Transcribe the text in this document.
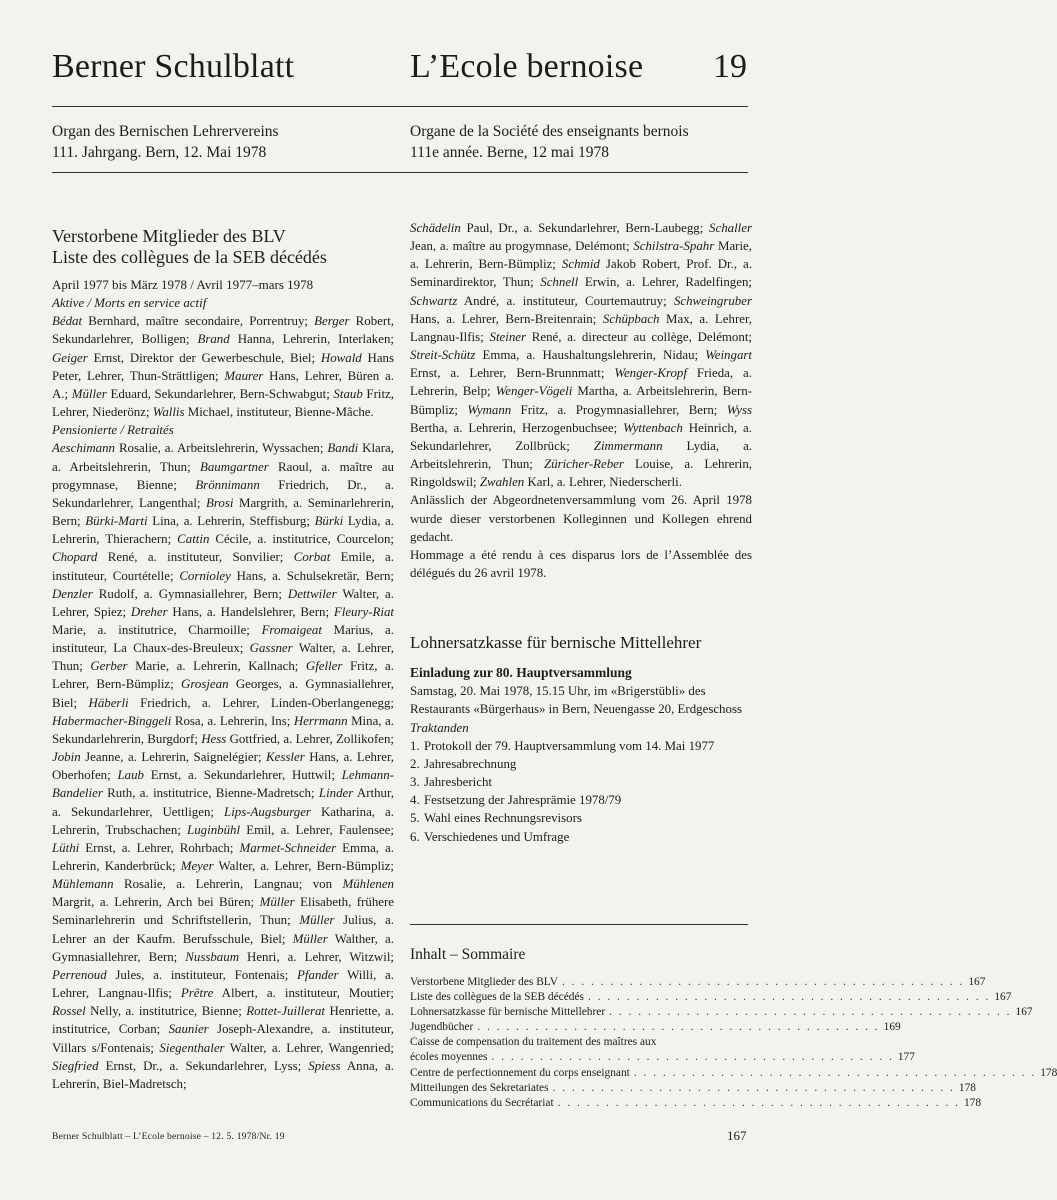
Berner Schulblatt	L’Ecole bernoise 19
Organ des Bernischen Lehrervereins
111. Jahrgang. Bern, 12. Mai 1978
Organe de la Société des enseignants bernois
111e année. Berne, 12 mai 1978
Verstorbene Mitglieder des BLV
Liste des collègues de la SEB décédés

April 1977 bis März 1978 / Avril 1977–mars 1978

Aktive / Morts en service actif

Bédat Bernhard, maître secondaire, Porrentruy; Berger Robert, Sekundarlehrer, Bolligen; Brand Hanna, Lehrerin, Interlaken; Geiger Ernst, Direktor der Gewerbeschule, Biel; Howald Hans Peter, Lehrer, Thun-Strättligen; Maurer Hans, Lehrer, Büren a. A.; Müller Eduard, Sekundarlehrer, Bern-Schwabgut; Staub Fritz, Lehrer, Niederönz; Wallis Michael, instituteur, Bienne-Mâche.

Pensionierte / Retraités

Aeschimann Rosalie, a. Arbeitslehrerin, Wyssachen; Bandi Klara, a. Arbeitslehrerin, Thun; Baumgartner Raoul, a. maître au progymnase, Bienne; Brönnimann Friedrich, Dr., a. Sekundarlehrer, Langenthal; Brosi Margrith, a. Seminarlehrerin, Bern; Bürki-Marti Lina, a. Lehrerin, Steffisburg; Bürki Lydia, a. Lehrerin, Thierachern; Cattin Cécile, a. institutrice, Courcelon; Chopard René, a. instituteur, Sonvilier; Corbat Emile, a. instituteur, Courtételle; Cornioley Hans, a. Schulsekretär, Bern; Denzler Rudolf, a. Gymnasiallehrer, Bern; Dettwiler Walter, a. Lehrer, Spiez; Dreher Hans, a. Handelslehrer, Bern; Fleury-Riat Marie, a. institutrice, Charmoille; Fromaigeat Marius, a. instituteur, La Chaux-des-Breuleux; Gassner Walter, a. Lehrer, Thun; Gerber Marie, a. Lehrerin, Kallnach; Gfeller Fritz, a. Lehrer, Bern-Bümpliz; Grosjean Georges, a. Gymnasiallehrer, Biel; Häberli Friedrich, a. Lehrer, Linden-Oberlangenegg; Habermacher-Binggeli Rosa, a. Lehrerin, Ins; Herrmann Mina, a. Sekundarlehrerin, Burgdorf; Hess Gottfried, a. Lehrer, Zollikofen; Jobin Jeanne, a. Lehrerin, Saignelégier; Kessler Hans, a. Lehrer, Oberhofen; Laub Ernst, a. Sekundarlehrer, Huttwil; Lehmann-Bandelier Ruth, a. institutrice, Bienne-Madretsch; Linder Arthur, a. Sekundarlehrer, Uettligen; Lips-Augsburger Katharina, a. Lehrerin, Trubschachen; Luginbühl Emil, a. Lehrer, Faulensee; Lüthi Ernst, a. Lehrer, Rohrbach; Marmet-Schneider Emma, a. Lehrerin, Kanderbrück; Meyer Walter, a. Lehrer, Bern-Bümpliz; Mühlemann Rosalie, a. Lehrerin, Langnau; von Mühlenen Margrit, a. Lehrerin, Arch bei Büren; Müller Elisabeth, frühere Seminarlehrerin und Schriftstellerin, Thun; Müller Julius, a. Lehrer an der Kaufm. Berufsschule, Biel; Müller Walther, a. Gymnasiallehrer, Bern; Nussbaum Henri, a. Lehrer, Witzwil; Perrenoud Jules, a. instituteur, Fontenais; Pfander Willi, a. Lehrer, Langnau-Ilfis; Prêtre Albert, a. instituteur, Moutier; Rossel Nelly, a. institutrice, Bienne; Rottet-Juillerat Henriette, a. institutrice, Corban; Saunier Joseph-Alexandre, a. instituteur, Villars s/Fontenais; Siegenthaler Walter, a. Lehrer, Wangenried; Siegfried Ernst, Dr., a. Sekundarlehrer, Lyss; Spiess Anna, a. Lehrerin, Biel-Madretsch;

Schädelin Paul, Dr., a. Sekundarlehrer, Bern-Laubegg; Schaller Jean, a. maître au progymnase, Delémont; Schilstra-Spahr Marie, a. Lehrerin, Bern-Bümpliz; Schmid Jakob Robert, Prof. Dr., a. Seminardirektor, Thun; Schnell Erwin, a. Lehrer, Radelfingen; Schwartz André, a. instituteur, Courtemautruy; Schweingruber Hans, a. Lehrer, Bern-Breitenrain; Schüpbach Max, a. Lehrer, Langnau-Ilfis; Steiner René, a. directeur au collège, Delémont; Streit-Schütz Emma, a. Haushaltungslehrerin, Nidau; Weingart Ernst, a. Lehrer, Bern-Brunnmatt; Wenger-Kropf Frieda, a. Lehrerin, Belp; Wenger-Vögeli Martha, a. Arbeitslehrerin, Bern-Bümpliz; Wymann Fritz, a. Progymnasiallehrer, Bern; Wyss Bertha, a. Lehrerin, Herzogenbuchsee; Wyttenbach Heinrich, a. Sekundarlehrer, Zollbrück; Zimmermann Lydia, a. Arbeitslehrerin, Thun; Züricher-Reber Louise, a. Lehrerin, Ringoldswil; Zwahlen Karl, a. Lehrer, Niederscherli.

Anlässlich der Abgeordnetenversammlung vom 26. April 1978 wurde dieser verstorbenen Kolleginnen und Kollegen ehrend gedacht.

Hommage a été rendu à ces disparus lors de l’Assemblée des délégués du 26 avril 1978.

Lohnersatzkasse für bernische Mittellehrer

Einladung zur 80. Hauptversammlung

Samstag, 20. Mai 1978, 15.15 Uhr, im «Brigerstübli» des Restaurants «Bürgerhaus» in Bern, Neuengasse 20, Erdgeschoss

Traktanden

1. Protokoll der 79. Hauptversammlung vom 14. Mai 1977
2. Jahresabrechnung
3. Jahresbericht
4. Festsetzung der Jahresprämie 1978/79
5. Wahl eines Rechnungsrevisors
6. Verschiedenes und Umfrage
Inhalt – Sommaire
Verstorbene Mitglieder des BLV . . . . . . . . . . . . . . . . . . . . . . . . . . . . . . . . . . . . . . . . . . 167
Liste des collègues de la SEB décédés . . . . . . . . . . . . . . . . . . . . . . . . . . . . . . . . . . . . . . . . . . 167
Lohnersatzkasse für bernische Mittellehrer . . . . . . . . . . . . . . . . . . . . . . . . . . . . . . . . . . . . . . . . . . 167
Jugendbücher . . . . . . . . . . . . . . . . . . . . . . . . . . . . . . . . . . . . . . . . . . 169
Caisse de compensation du traitement des maîtres aux
écoles moyennes . . . . . . . . . . . . . . . . . . . . . . . . . . . . . . . . . . . . . . . . . . 177
Centre de perfectionnement du corps enseignant . . . . . . . . . . . . . . . . . . . . . . . . . . . . . . . . . . . . . . . . . . 178
Mitteilungen des Sekretariates . . . . . . . . . . . . . . . . . . . . . . . . . . . . . . . . . . . . . . . . . . 178
Communications du Secrétariat . . . . . . . . . . . . . . . . . . . . . . . . . . . . . . . . . . . . . . . . . . 178
Berner Schulblatt – L’Ecole bernoise – 12. 5. 1978/Nr. 19	167
